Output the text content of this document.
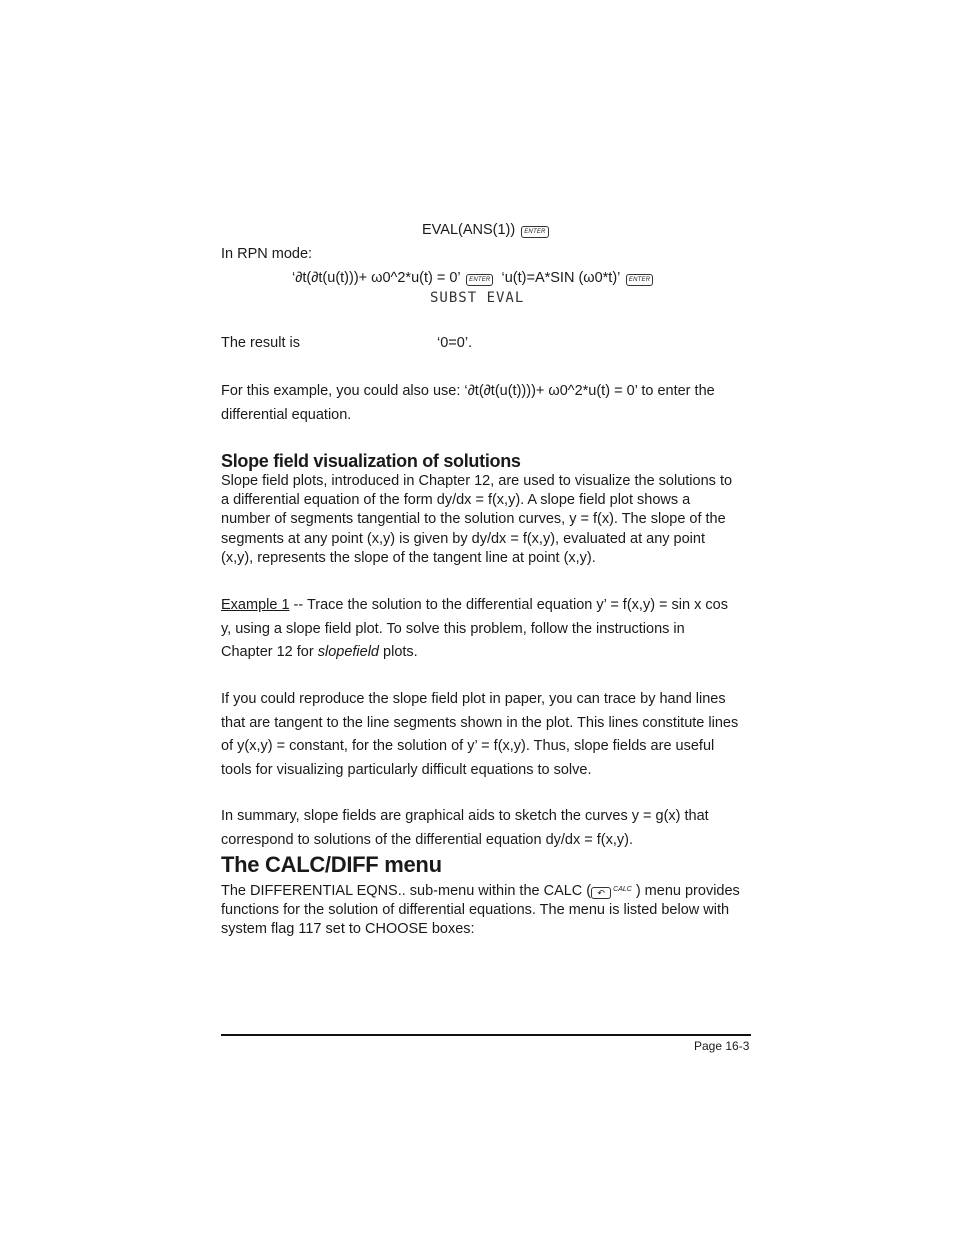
EVAL(ANS(1)) ENTER
In RPN mode:
‘∂t(∂t(u(t)))+ ω0^2*u(t) = 0’ ENTER ‘u(t)=A*SIN (ω0*t)’ ENTER
SUBST EVAL
The result is	‘0=0’.

For this example, you could also use: ‘∂t(∂t(u(t))))+ ω0^2*u(t) = 0’ to enter the

differential equation.

Slope field visualization of solutions

Slope field plots, introduced in Chapter 12, are used to visualize the solutions to

a differential equation of the form dy/dx = f(x,y). A slope field plot shows a

number of segments tangential to the solution curves, y = f(x). The slope of the

segments at any point (x,y) is given by dy/dx = f(x,y), evaluated at any point

(x,y), represents the slope of the tangent line at point (x,y).

Example 1 -- Trace the solution to the differential equation y’ = f(x,y) = sin x cos

y, using a slope field plot. To solve this problem, follow the instructions in

Chapter 12 for slopefield plots.

If you could reproduce the slope field plot in paper, you can trace by hand lines

that are tangent to the line segments shown in the plot. This lines constitute lines

of y(x,y) = constant, for the solution of y’ = f(x,y). Thus, slope fields are useful

tools for visualizing particularly difficult equations to solve.

In summary, slope fields are graphical aids to sketch the curves y = g(x) that

correspond to solutions of the differential equation dy/dx = f(x,y).

The CALC/DIFF menu

The DIFFERENTIAL EQNS.. sub-menu within the CALC ( ↶ $^{CALC}$ ) menu provides

functions for the solution of differential equations. The menu is listed below with

system flag 117 set to CHOOSE boxes:

Page 16-3
